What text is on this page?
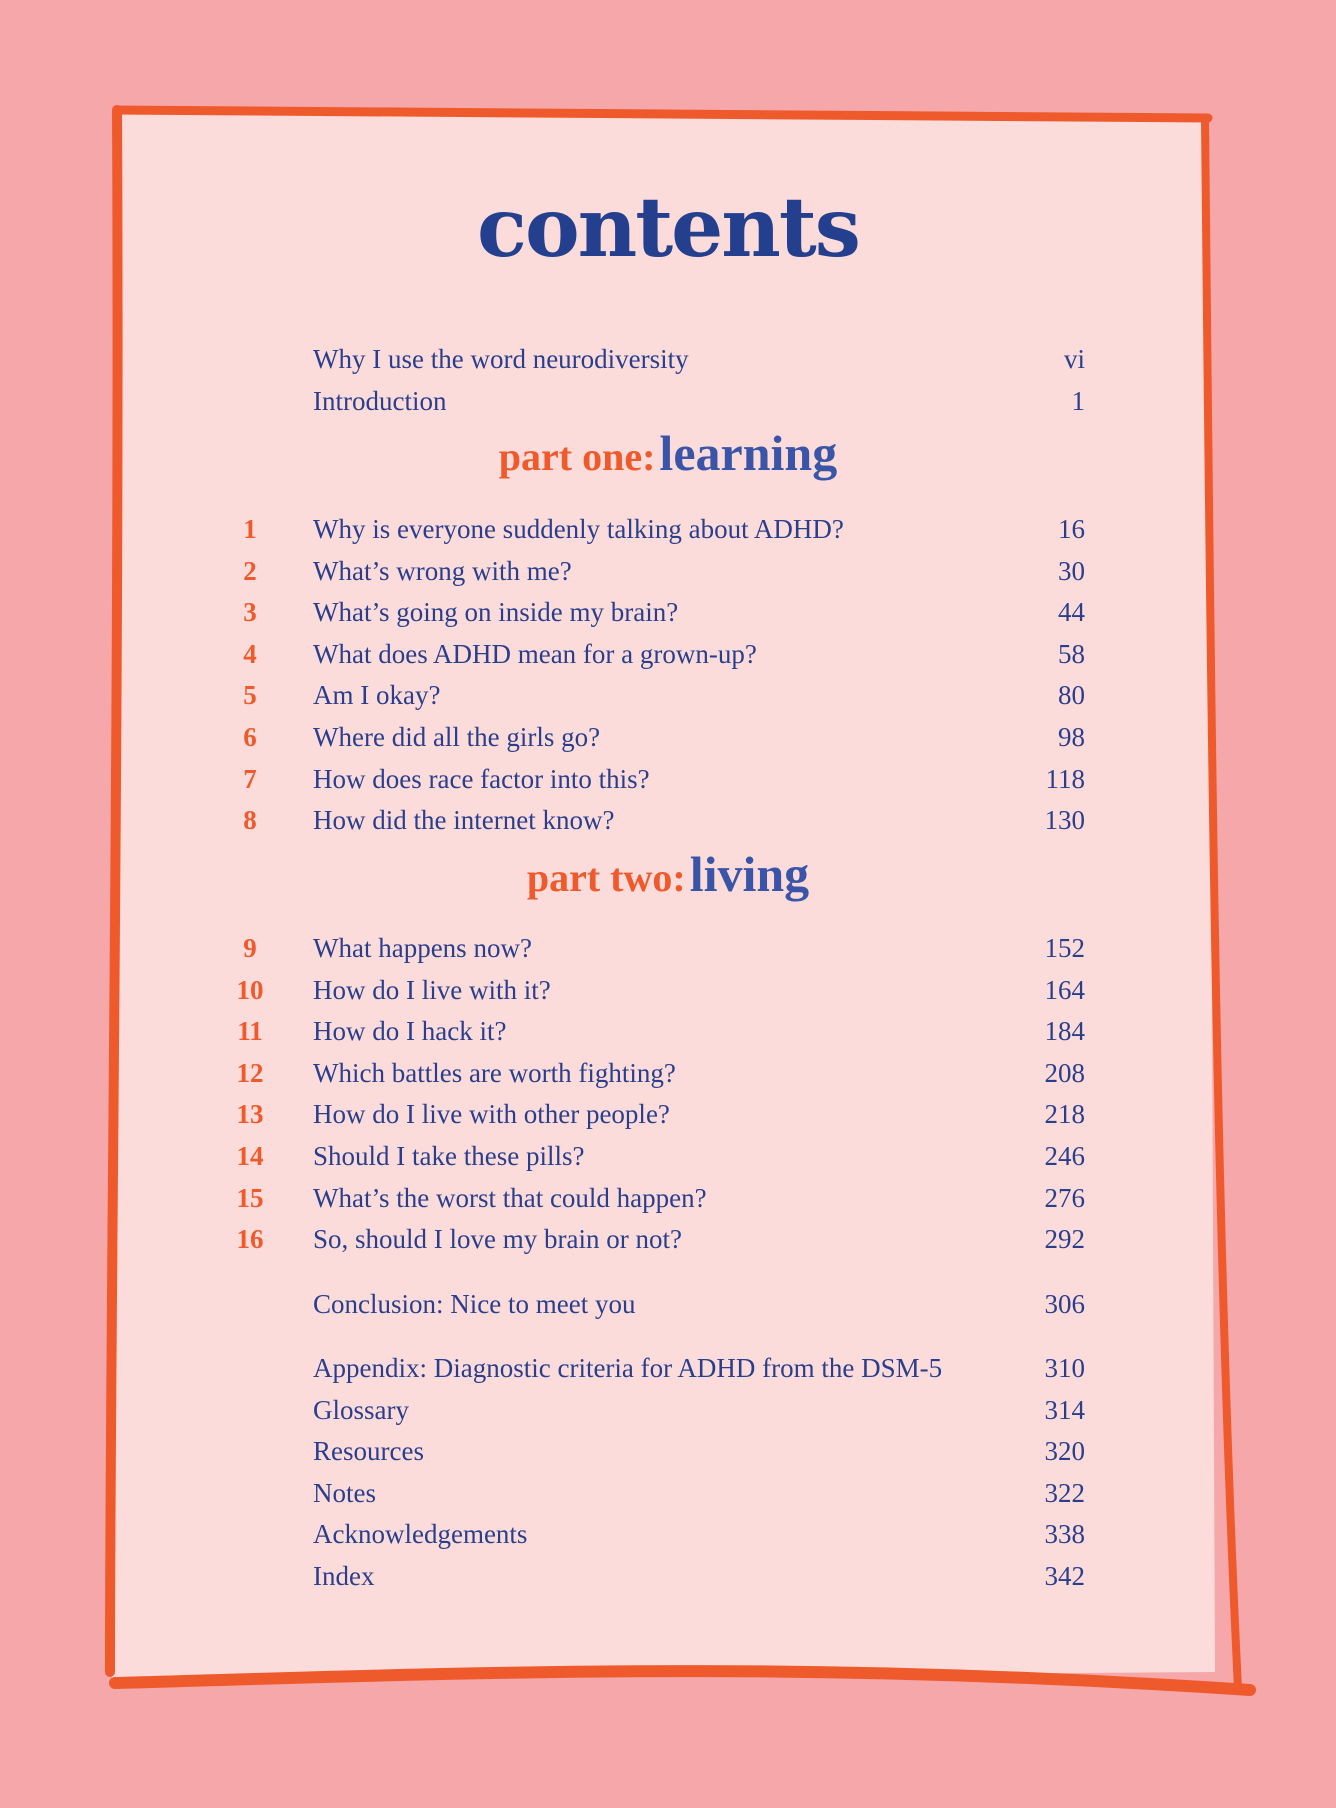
contents
Why I use the word neurodiversity	vi
Introduction	1
part one: learning
1	Why is everyone suddenly talking about ADHD?	16
2	What’s wrong with me?	30
3	What’s going on inside my brain?	44
4	What does ADHD mean for a grown-up?	58
5	Am I okay?	80
6	Where did all the girls go?	98
7	How does race factor into this?	118
8	How did the internet know?	130
part two: living
9	What happens now?	152
10	How do I live with it?	164
11	How do I hack it?	184
12	Which battles are worth fighting?	208
13	How do I live with other people?	218
14	Should I take these pills?	246
15	What’s the worst that could happen?	276
16	So, should I love my brain or not?	292
Conclusion: Nice to meet you	306
Appendix: Diagnostic criteria for ADHD from the DSM-5	310
Glossary	314
Resources	320
Notes	322
Acknowledgements	338
Index	342
